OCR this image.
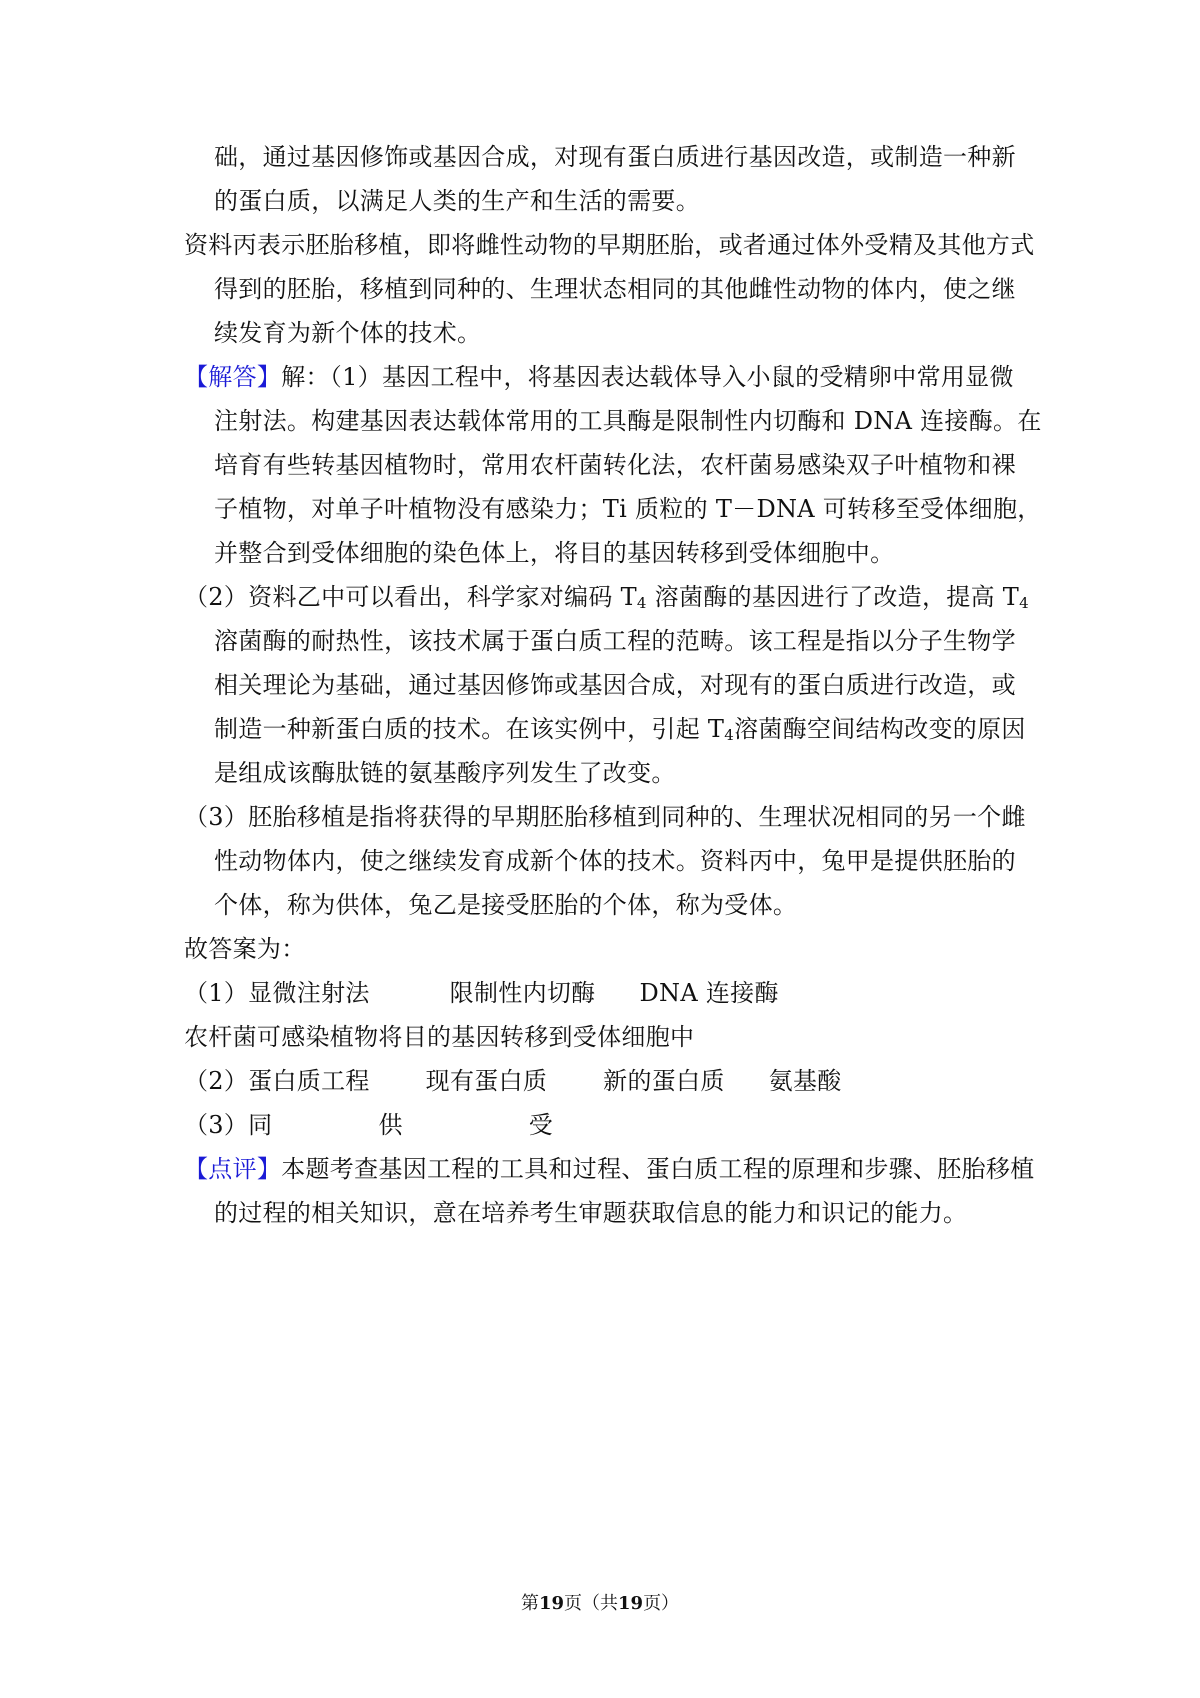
础，通过基因修饰或基因合成，对现有蛋白质进行基因改造，或制造一种新
的蛋白质，以满足人类的生产和生活的需要。
资料丙表示胚胎移植，即将雌性动物的早期胚胎，或者通过体外受精及其他方式
得到的胚胎，移植到同种的、生理状态相同的其他雌性动物的体内，使之继
续发育为新个体的技术。
【解答】解：（1）基因工程中，将基因表达载体导入小鼠的受精卵中常用显微
注射法。构建基因表达载体常用的工具酶是限制性内切酶和 DNA 连接酶。在
培育有些转基因植物时，常用农杆菌转化法，农杆菌易感染双子叶植物和裸
子植物，对单子叶植物没有感染力；Ti 质粒的 T－DNA 可转移至受体细胞，
并整合到受体细胞的染色体上，将目的基因转移到受体细胞中。
（2）资料乙中可以看出，科学家对编码 $T_4$ 溶菌酶的基因进行了改造，提高 $T_4$
溶菌酶的耐热性，该技术属于蛋白质工程的范畴。该工程是指以分子生物学
相关理论为基础，通过基因修饰或基因合成，对现有的蛋白质进行改造，或
制造一种新蛋白质的技术。在该实例中，引起 $T_4$溶菌酶空间结构改变的原因
是组成该酶肽链的氨基酸序列发生了改变。
（3）胚胎移植是指将获得的早期胚胎移植到同种的、生理状况相同的另一个雌
性动物体内，使之继续发育成新个体的技术。资料丙中，兔甲是提供胚胎的
个体，称为供体，兔乙是接受胚胎的个体，称为受体。
故答案为：
（1）显微注射法	限制性内切酶 DNA 连接酶
农杆菌可感染植物将目的基因转移到受体细胞中
（2）蛋白质工程 现有蛋白质 新的蛋白质 氨基酸
（3）同	供	受
【点评】本题考查基因工程的工具和过程、蛋白质工程的原理和步骤、胚胎移植
的过程的相关知识，意在培养考生审题获取信息的能力和识记的能力。
第19页（共19页）
